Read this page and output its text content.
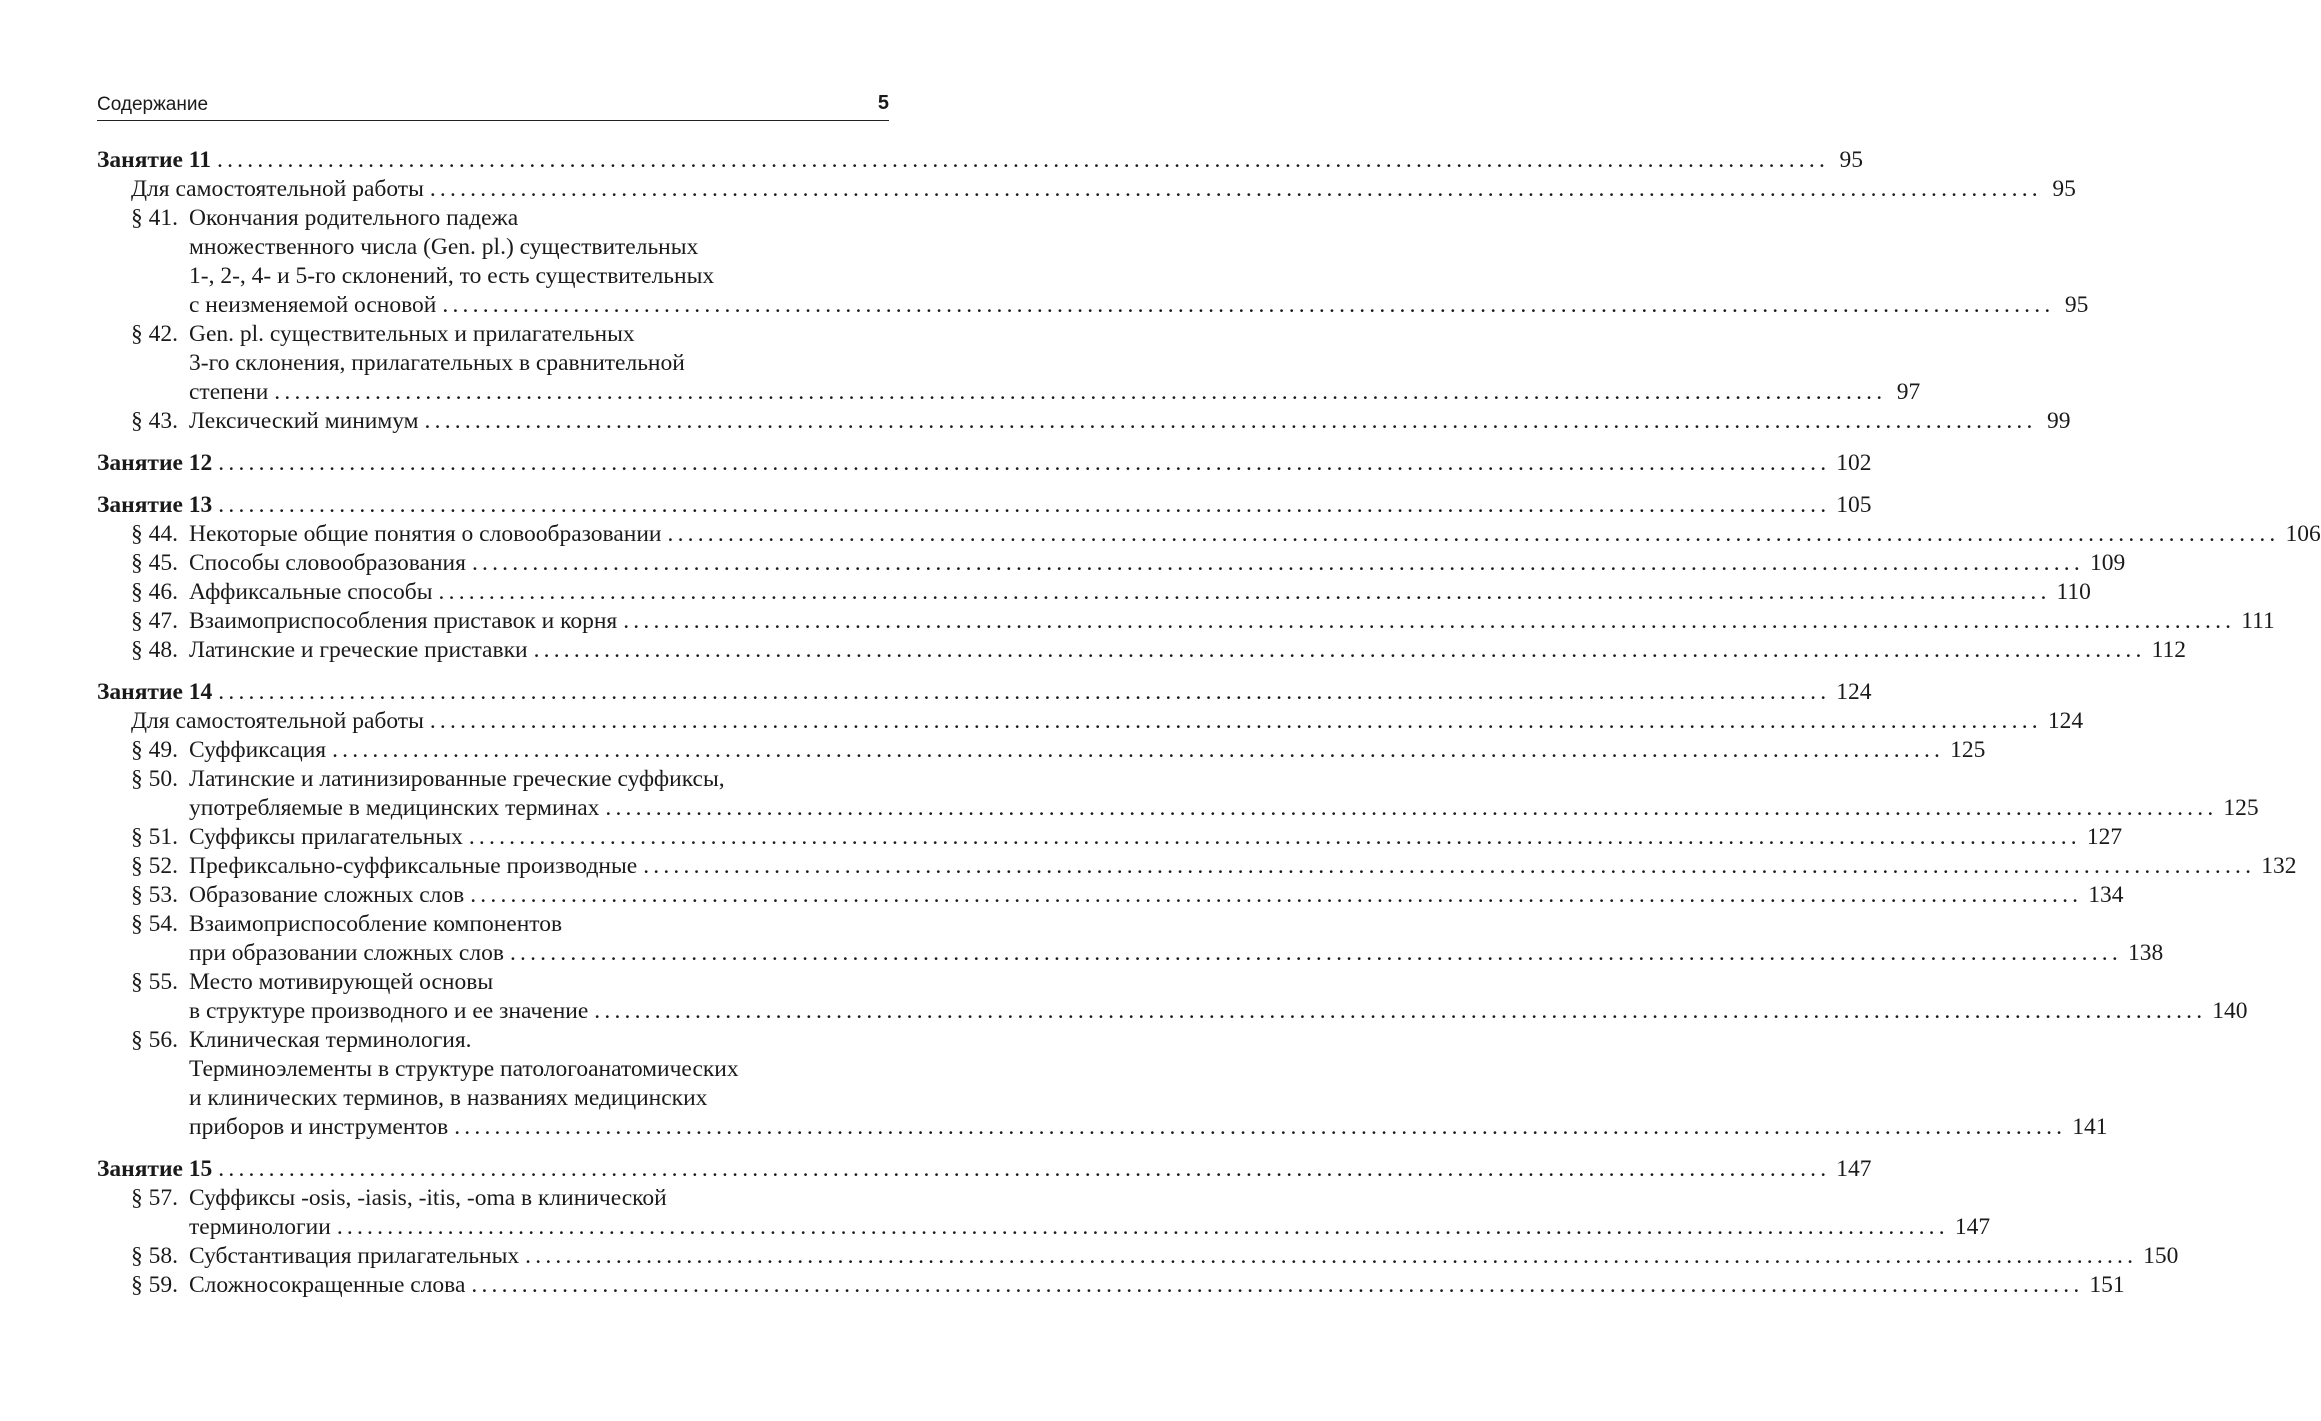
Содержание	5
Занятие 11 ................................................................................................................................................................ 95
Для самостоятельной работы ................................................................................................................................................................ 95
§ 41. Окончания родительного падежа
множественного числа (Gen. pl.) существительных
1-, 2-, 4- и 5-го склонений, то есть существительных
с неизменяемой основой ................................................................................................................................................................ 95
§ 42. Gen. pl. существительных и прилагательных
3-го склонения, прилагательных в сравнительной
степени ................................................................................................................................................................ 97
§ 43. Лексический минимум ................................................................................................................................................................ 99
Занятие 12 ................................................................................................................................................................ 102
Занятие 13 ................................................................................................................................................................ 105
§ 44. Некоторые общие понятия о словообразовании ................................................................................................................................................................ 106
§ 45. Способы словообразования ................................................................................................................................................................ 109
§ 46. Аффиксальные способы ................................................................................................................................................................ 110
§ 47. Взаимоприспособления приставок и корня ................................................................................................................................................................ 111
§ 48. Латинские и греческие приставки ................................................................................................................................................................ 112
Занятие 14 ................................................................................................................................................................ 124
Для самостоятельной работы ................................................................................................................................................................ 124
§ 49. Суффиксация ................................................................................................................................................................ 125
§ 50. Латинские и латинизированные греческие суффиксы,
употребляемые в медицинских терминах ................................................................................................................................................................ 125
§ 51. Суффиксы прилагательных ................................................................................................................................................................ 127
§ 52. Префиксально-суффиксальные производные ................................................................................................................................................................ 132
§ 53. Образование сложных слов ................................................................................................................................................................ 134
§ 54. Взаимоприспособление компонентов
при образовании сложных слов ................................................................................................................................................................ 138
§ 55. Место мотивирующей основы
в структуре производного и ее значение ................................................................................................................................................................ 140
§ 56. Клиническая терминология.
Терминоэлементы в структуре патологоанатомических
и клинических терминов, в названиях медицинских
приборов и инструментов ................................................................................................................................................................ 141
Занятие 15 ................................................................................................................................................................ 147
§ 57. Суффиксы -osis, -iasis, -itis, -oma в клинической
терминологии ................................................................................................................................................................ 147
§ 58. Субстантивация прилагательных ................................................................................................................................................................ 150
§ 59. Сложносокращенные слова ................................................................................................................................................................ 151
